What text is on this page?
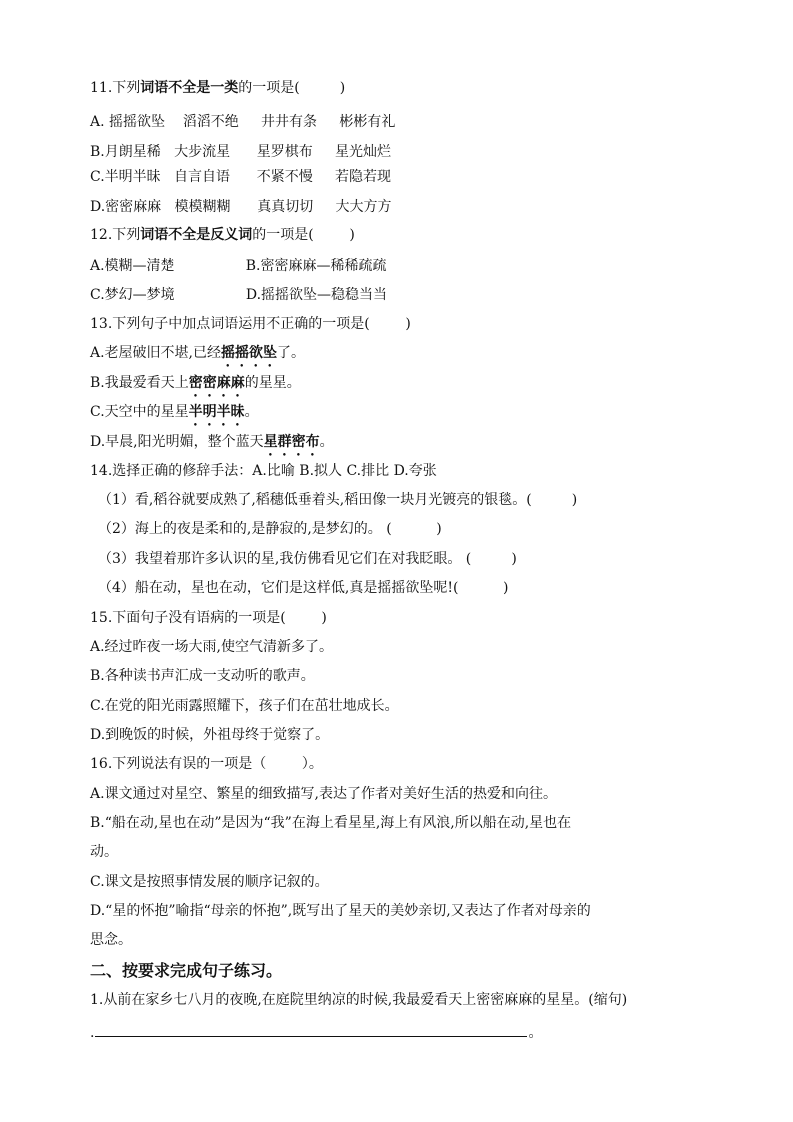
11.下列词语不全是一类的一项是(         )
A. 摇摇欲坠    滔滔不绝     井井有条     彬彬有礼
B.月朗星稀   大步流星      星罗棋布     星光灿烂
C.半明半昧   自言自语      不紧不慢     若隐若现
D.密密麻麻   模模糊糊      真真切切     大大方方
12.下列词语不全是反义词的一项是(        )
A.模糊—清楚                B.密密麻麻—稀稀疏疏
C.梦幻—梦境                D.摇摇欲坠—稳稳当当
13.下列句子中加点词语运用不正确的一项是(        )
A.老屋破旧不堪,已经摇摇欲坠了。
B.我最爱看天上密密麻麻的星星。
C.天空中的星星半明半昧。
D.早晨,阳光明媚，整个蓝天星群密布。
14.选择正确的修辞手法：A.比喻 B.拟人 C.排比 D.夸张
（1）看,稻谷就要成熟了,稻穗低垂着头,稻田像一块月光镀亮的银毯。(         )
（2）海上的夜是柔和的,是静寂的,是梦幻的。 (          )
（3）我望着那许多认识的星,我仿佛看见它们在对我眨眼。 (         )
（4）船在动，星也在动，它们是这样低,真是摇摇欲坠呢!(          )
15.下面句子没有语病的一项是(        )
A.经过昨夜一场大雨,使空气清新多了。
B.各种读书声汇成一支动听的歌声。
C.在党的阳光雨露照耀下，孩子们在茁壮地成长。
D.到晚饭的时候，外祖母终于觉察了。
16.下列说法有误的一项是（        ）。
A.课文通过对星空、繁星的细致描写,表达了作者对美好生活的热爱和向往。
B.“船在动,星也在动”是因为“我”在海上看星星,海上有风浪,所以船在动,星也在
动。
C.课文是按照事情发展的顺序记叙的。
D.“星的怀抱”喻指“母亲的怀抱”,既写出了星天的美妙亲切,又表达了作者对母亲的
思念。
二、按要求完成句子练习。
1.从前在家乡七八月的夜晚,在庭院里纳凉的时候,我最爱看天上密密麻麻的星星。(缩句)
.	。
